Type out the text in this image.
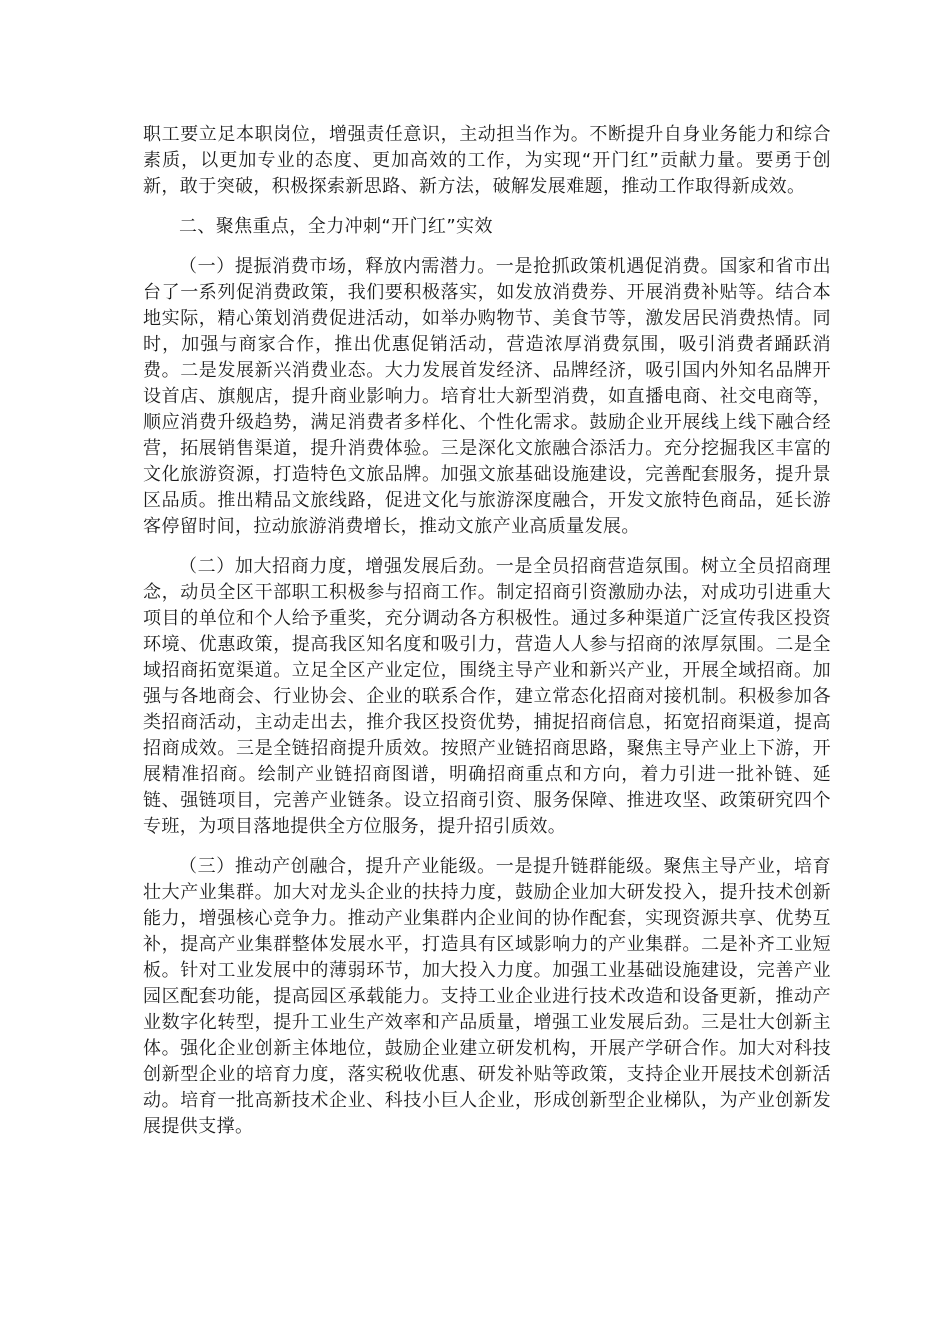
职工要立足本职岗位，增强责任意识，主动担当作为。不断提升自身业务能力和综合素质，以更加专业的态度、更加高效的工作，为实现“开门红”贡献力量。要勇于创新，敢于突破，积极探索新思路、新方法，破解发展难题，推动工作取得新成效。

二、聚焦重点，全力冲刺“开门红”实效

（一）提振消费市场，释放内需潜力。一是抢抓政策机遇促消费。国家和省市出台了一系列促消费政策，我们要积极落实，如发放消费券、开展消费补贴等。结合本地实际，精心策划消费促进活动，如举办购物节、美食节等，激发居民消费热情。同时，加强与商家合作，推出优惠促销活动，营造浓厚消费氛围，吸引消费者踊跃消费。二是发展新兴消费业态。大力发展首发经济、品牌经济，吸引国内外知名品牌开设首店、旗舰店，提升商业影响力。培育壮大新型消费，如直播电商、社交电商等，顺应消费升级趋势，满足消费者多样化、个性化需求。鼓励企业开展线上线下融合经营，拓展销售渠道，提升消费体验。三是深化文旅融合添活力。充分挖掘我区丰富的文化旅游资源，打造特色文旅品牌。加强文旅基础设施建设，完善配套服务，提升景区品质。推出精品文旅线路，促进文化与旅游深度融合，开发文旅特色商品，延长游客停留时间，拉动旅游消费增长，推动文旅产业高质量发展。

（二）加大招商力度，增强发展后劲。一是全员招商营造氛围。树立全员招商理念，动员全区干部职工积极参与招商工作。制定招商引资激励办法，对成功引进重大项目的单位和个人给予重奖，充分调动各方积极性。通过多种渠道广泛宣传我区投资环境、优惠政策，提高我区知名度和吸引力，营造人人参与招商的浓厚氛围。二是全域招商拓宽渠道。立足全区产业定位，围绕主导产业和新兴产业，开展全域招商。加强与各地商会、行业协会、企业的联系合作，建立常态化招商对接机制。积极参加各类招商活动，主动走出去，推介我区投资优势，捕捉招商信息，拓宽招商渠道，提高招商成效。三是全链招商提升质效。按照产业链招商思路，聚焦主导产业上下游，开展精准招商。绘制产业链招商图谱，明确招商重点和方向，着力引进一批补链、延链、强链项目，完善产业链条。设立招商引资、服务保障、推进攻坚、政策研究四个专班，为项目落地提供全方位服务，提升招引质效。

（三）推动产创融合，提升产业能级。一是提升链群能级。聚焦主导产业，培育壮大产业集群。加大对龙头企业的扶持力度，鼓励企业加大研发投入，提升技术创新能力，增强核心竞争力。推动产业集群内企业间的协作配套，实现资源共享、优势互补，提高产业集群整体发展水平，打造具有区域影响力的产业集群。二是补齐工业短板。针对工业发展中的薄弱环节，加大投入力度。加强工业基础设施建设，完善产业园区配套功能，提高园区承载能力。支持工业企业进行技术改造和设备更新，推动产业数字化转型，提升工业生产效率和产品质量，增强工业发展后劲。三是壮大创新主体。强化企业创新主体地位，鼓励企业建立研发机构，开展产学研合作。加大对科技创新型企业的培育力度，落实税收优惠、研发补贴等政策，支持企业开展技术创新活动。培育一批高新技术企业、科技小巨人企业，形成创新型企业梯队，为产业创新发展提供支撑。
